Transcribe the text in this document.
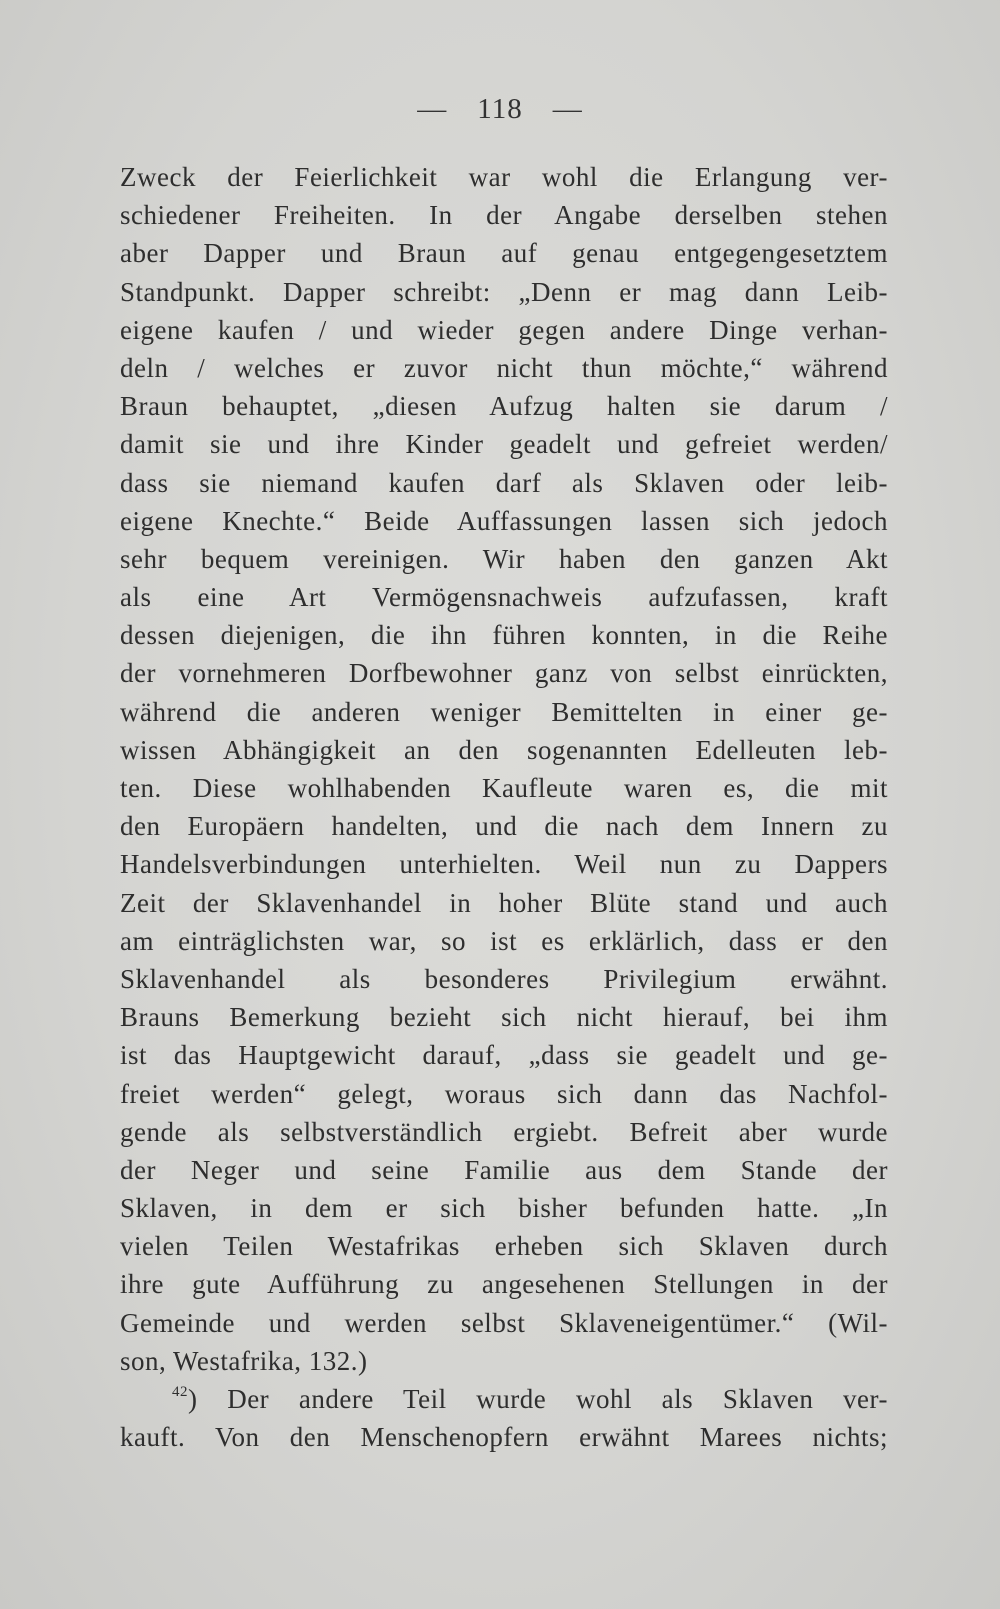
— 118 —
Zweck der Feierlichkeit war wohl die Erlangung ver-
schiedener Freiheiten. In der Angabe derselben stehen
aber Dapper und Braun auf genau entgegengesetztem
Standpunkt. Dapper schreibt: „Denn er mag dann Leib-
eigene kaufen / und wieder gegen andere Dinge verhan-
deln / welches er zuvor nicht thun möchte,“ während
Braun behauptet, „diesen Aufzug halten sie darum /
damit sie und ihre Kinder geadelt und gefreiet werden/
dass sie niemand kaufen darf als Sklaven oder leib-
eigene Knechte.“ Beide Auffassungen lassen sich jedoch
sehr bequem vereinigen. Wir haben den ganzen Akt
als eine Art Vermögensnachweis aufzufassen, kraft
dessen diejenigen, die ihn führen konnten, in die Reihe
der vornehmeren Dorfbewohner ganz von selbst einrückten,
während die anderen weniger Bemittelten in einer ge-
wissen Abhängigkeit an den sogenannten Edelleuten leb-
ten. Diese wohlhabenden Kaufleute waren es, die mit
den Europäern handelten, und die nach dem Innern zu
Handelsverbindungen unterhielten. Weil nun zu Dappers
Zeit der Sklavenhandel in hoher Blüte stand und auch
am einträglichsten war, so ist es erklärlich, dass er den
Sklavenhandel als besonderes Privilegium erwähnt.
Brauns Bemerkung bezieht sich nicht hierauf, bei ihm
ist das Hauptgewicht darauf, „dass sie geadelt und ge-
freiet werden“ gelegt, woraus sich dann das Nachfol-
gende als selbstverständlich ergiebt. Befreit aber wurde
der Neger und seine Familie aus dem Stande der
Sklaven, in dem er sich bisher befunden hatte. „In
vielen Teilen Westafrikas erheben sich Sklaven durch
ihre gute Aufführung zu angesehenen Stellungen in der
Gemeinde und werden selbst Sklaveneigentümer.“ (Wil-
son, Westafrika, 132.)
$^{42}$) Der andere Teil wurde wohl als Sklaven ver-
kauft. Von den Menschenopfern erwähnt Marees nichts;
